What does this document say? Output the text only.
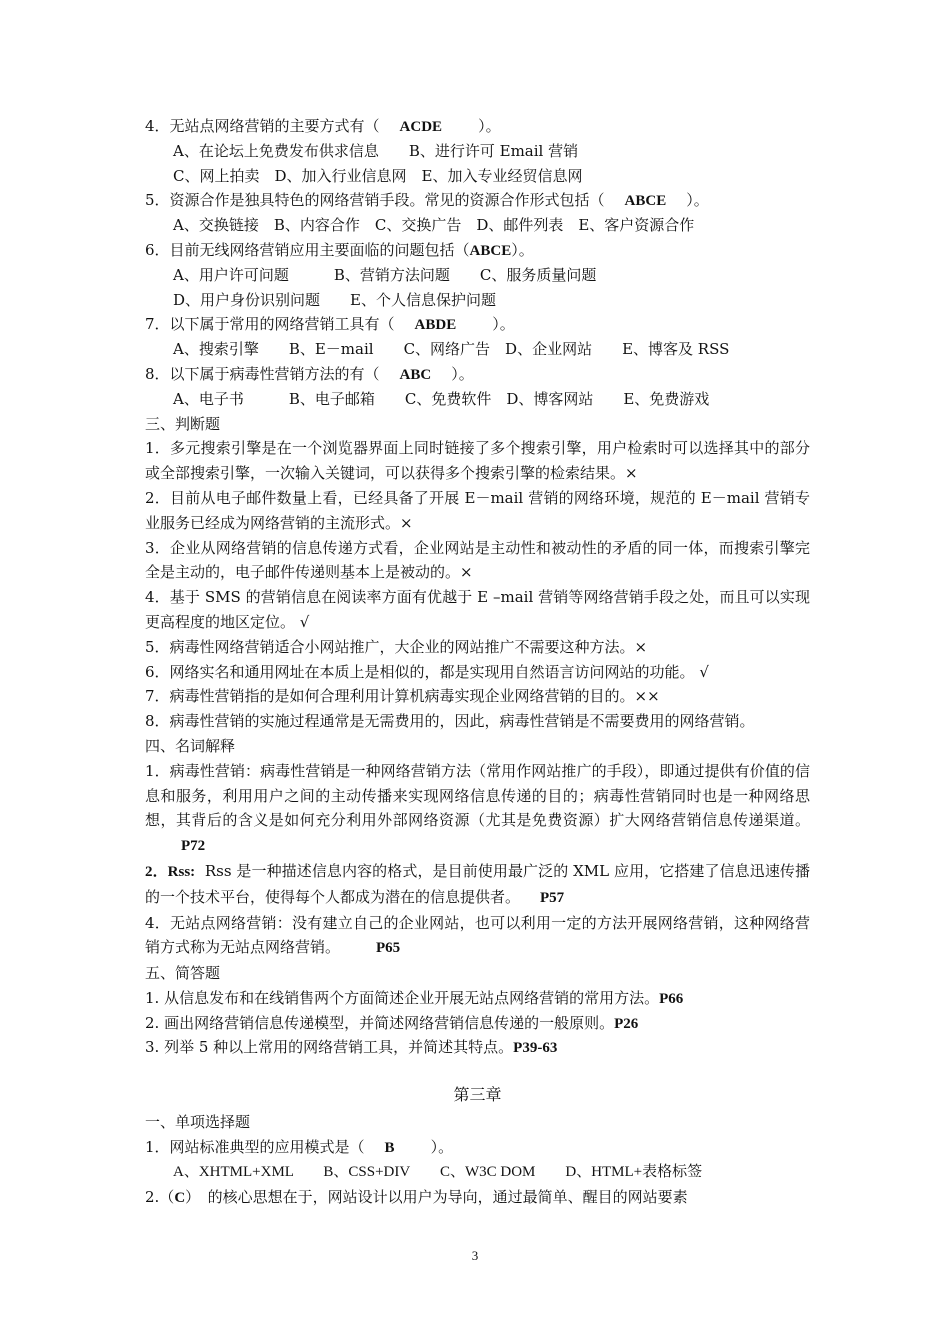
4．无站点网络营销的主要方式有（ ACDE ）。
A、在论坛上免费发布供求信息　　B、进行许可 Email 营销
C、网上拍卖　D、加入行业信息网　E、加入专业经贸信息网
5．资源合作是独具特色的网络营销手段。常见的资源合作形式包括（ ABCE ）。
A、交换链接　B、内容合作　C、交换广告　D、邮件列表　E、客户资源合作
6．目前无线网络营销应用主要面临的问题包括（ABCE）。
A、用户许可问题　　　B、营销方法问题　　C、服务质量问题
D、用户身份识别问题　　E、个人信息保护问题
7．以下属于常用的网络营销工具有（ ABDE ）。
A、搜索引擎　　B、E－mail　　C、网络广告　D、企业网站　　E、博客及 RSS
8．以下属于病毒性营销方法的有（ ABC ）。
A、电子书　　　B、电子邮箱　　C、免费软件　D、博客网站　　E、免费游戏
三、判断题
1．多元搜索引擎是在一个浏览器界面上同时链接了多个搜索引擎，用户检索时可以选择其中的部分或全部搜索引擎，一次输入关键词，可以获得多个搜索引擎的检索结果。×
2．目前从电子邮件数量上看，已经具备了开展 E－mail 营销的网络环境，规范的 E－mail 营销专业服务已经成为网络营销的主流形式。×
3．企业从网络营销的信息传递方式看，企业网站是主动性和被动性的矛盾的同一体，而搜索引擎完全是主动的，电子邮件传递则基本上是被动的。×
4．基于 SMS 的营销信息在阅读率方面有优越于 E –mail 营销等网络营销手段之处，而且可以实现更高程度的地区定位。 √
5．病毒性网络营销适合小网站推广，大企业的网站推广不需要这种方法。×
6．网络实名和通用网址在本质上是相似的，都是实现用自然语言访问网站的功能。 √
7．病毒性营销指的是如何合理利用计算机病毒实现企业网络营销的目的。××
8．病毒性营销的实施过程通常是无需费用的，因此，病毒性营销是不需要费用的网络营销。
四、名词解释
1．病毒性营销：病毒性营销是一种网络营销方法（常用作网站推广的手段），即通过提供有价值的信息和服务，利用用户之间的主动传播来实现网络信息传递的目的；病毒性营销同时也是一种网络思想，其背后的含义是如何充分利用外部网络资源（尤其是免费资源）扩大网络营销信息传递渠道。P72
2．Rss: Rss 是一种描述信息内容的格式，是目前使用最广泛的 XML 应用，它搭建了信息迅速传播的一个技术平台，使得每个人都成为潜在的信息提供者。 P57
4．无站点网络营销：没有建立自己的企业网站，也可以利用一定的方法开展网络营销，这种网络营销方式称为无站点网络营销。 P65
五、简答题
1. 从信息发布和在线销售两个方面简述企业开展无站点网络营销的常用方法。P66
2. 画出网络营销信息传递模型，并简述网络营销信息传递的一般原则。P26
3. 列举 5 种以上常用的网络营销工具，并简述其特点。P39-63
第三章
一、单项选择题
1．网站标准典型的应用模式是（ B ）。
A、XHTML+XML　　B、CSS+DIV　　C、W3C DOM　　D、HTML+表格标签
2.（C）　的核心思想在于，网站设计以用户为导向，通过最简单、醒目的网站要素
3
